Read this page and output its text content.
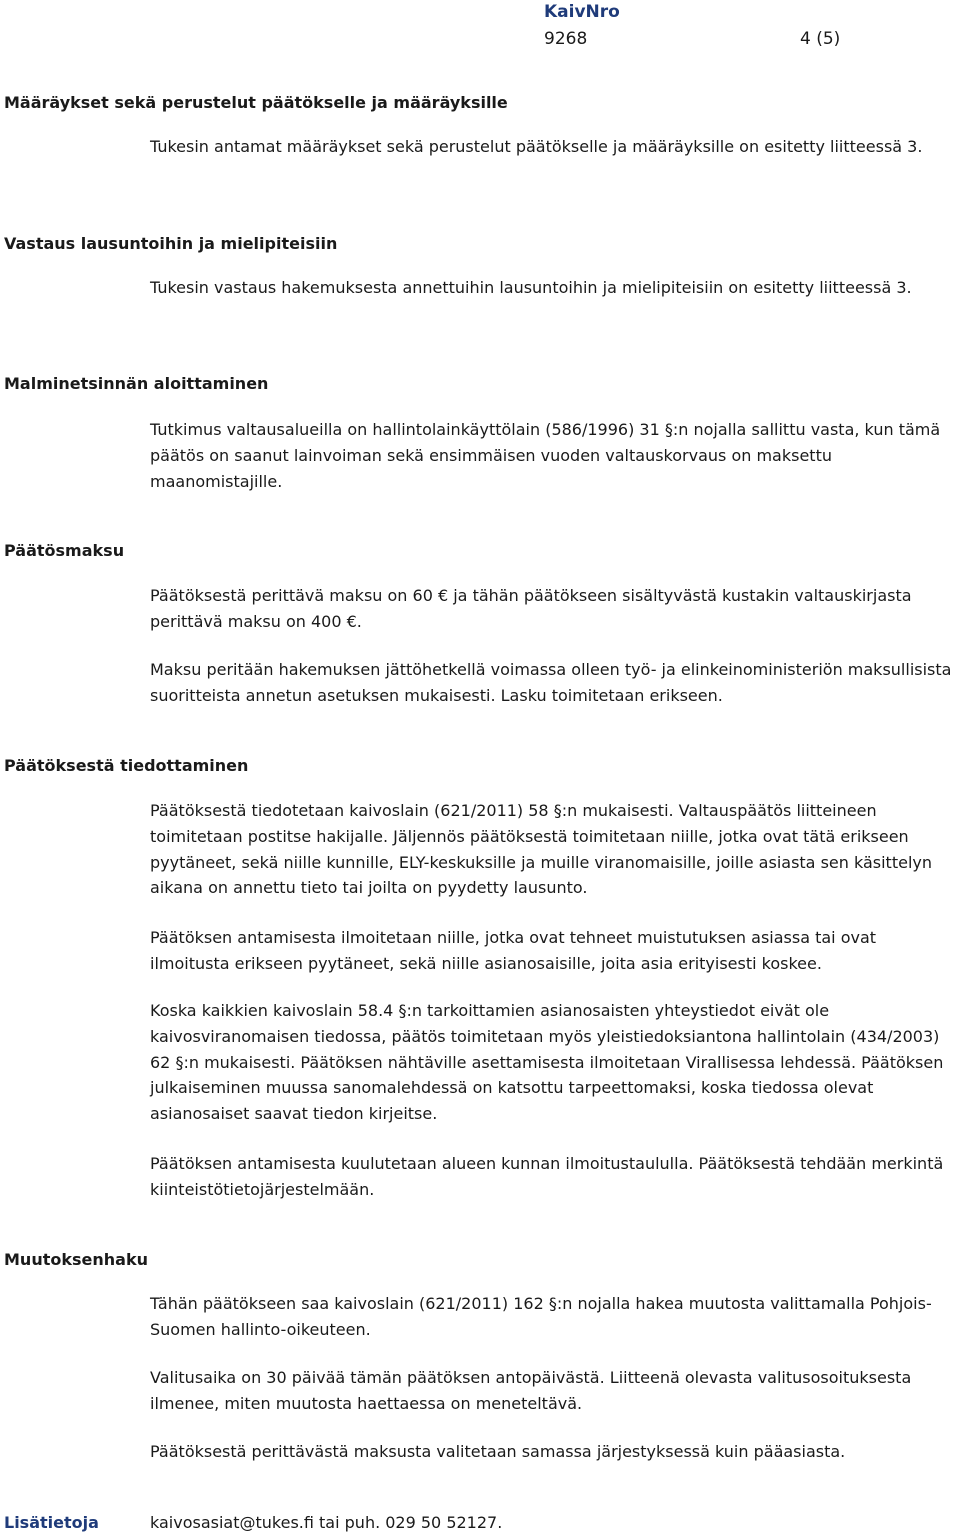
KaivNro
9268	4 (5)
Määräykset sekä perustelut päätökselle ja määräyksille

Tukesin antamat määräykset sekä perustelut päätökselle ja määräyksille on esitetty liitteessä 3.

Vastaus lausuntoihin ja mielipiteisiin

Tukesin vastaus hakemuksesta annettuihin lausuntoihin ja mielipiteisiin on esitetty liitteessä 3.

Malminetsinnän aloittaminen

Tutkimus valtausalueilla on hallintolainkäyttölain (586/1996) 31 §:n nojalla sallittu vasta, kun tämä päätös on saanut lainvoiman sekä ensimmäisen vuoden valtauskorvaus on maksettu maanomistajille.

Päätösmaksu

Päätöksestä perittävä maksu on 60 € ja tähän päätökseen sisältyvästä kustakin valtauskirjasta perittävä maksu on 400 €.

Maksu peritään hakemuksen jättöhetkellä voimassa olleen työ- ja elinkeinoministeriön maksullisista suoritteista annetun asetuksen mukaisesti. Lasku toimitetaan erikseen.

Päätöksestä tiedottaminen

Päätöksestä tiedotetaan kaivoslain (621/2011) 58 §:n mukaisesti. Valtauspäätös liitteineen toimitetaan postitse hakijalle. Jäljennös päätöksestä toimitetaan niille, jotka ovat tätä erikseen pyytäneet, sekä niille kunnille, ELY-keskuksille ja muille viranomaisille, joille asiasta sen käsittelyn aikana on annettu tieto tai joilta on pyydetty lausunto.

Päätöksen antamisesta ilmoitetaan niille, jotka ovat tehneet muistutuksen asiassa tai ovat ilmoitusta erikseen pyytäneet, sekä niille asianosaisille, joita asia erityisesti koskee.

Koska kaikkien kaivoslain 58.4 §:n tarkoittamien asianosaisten yhteystiedot eivät ole kaivosviranomaisen tiedossa, päätös toimitetaan myös yleistiedoksiantona hallintolain (434/2003) 62 §:n mukaisesti. Päätöksen nähtäville asettamisesta ilmoitetaan Virallisessa lehdessä. Päätöksen julkaiseminen muussa sanomalehdessä on katsottu tarpeettomaksi, koska tiedossa olevat asianosaiset saavat tiedon kirjeitse.

Päätöksen antamisesta kuulutetaan alueen kunnan ilmoitustaululla. Päätöksestä tehdään merkintä kiinteistötietojärjestelmään.

Muutoksenhaku

Tähän päätökseen saa kaivoslain (621/2011) 162 §:n nojalla hakea muutosta valittamalla Pohjois-Suomen hallinto-oikeuteen.

Valitusaika on 30 päivää tämän päätöksen antopäivästä. Liitteenä olevasta valitusosoituksesta ilmenee, miten muutosta haettaessa on meneteltävä.

Päätöksestä perittävästä maksusta valitetaan samassa järjestyksessä kuin pääasiasta.

Lisätietoja	kaivosasiat@tukes.fi tai puh. 029 50 52127.
